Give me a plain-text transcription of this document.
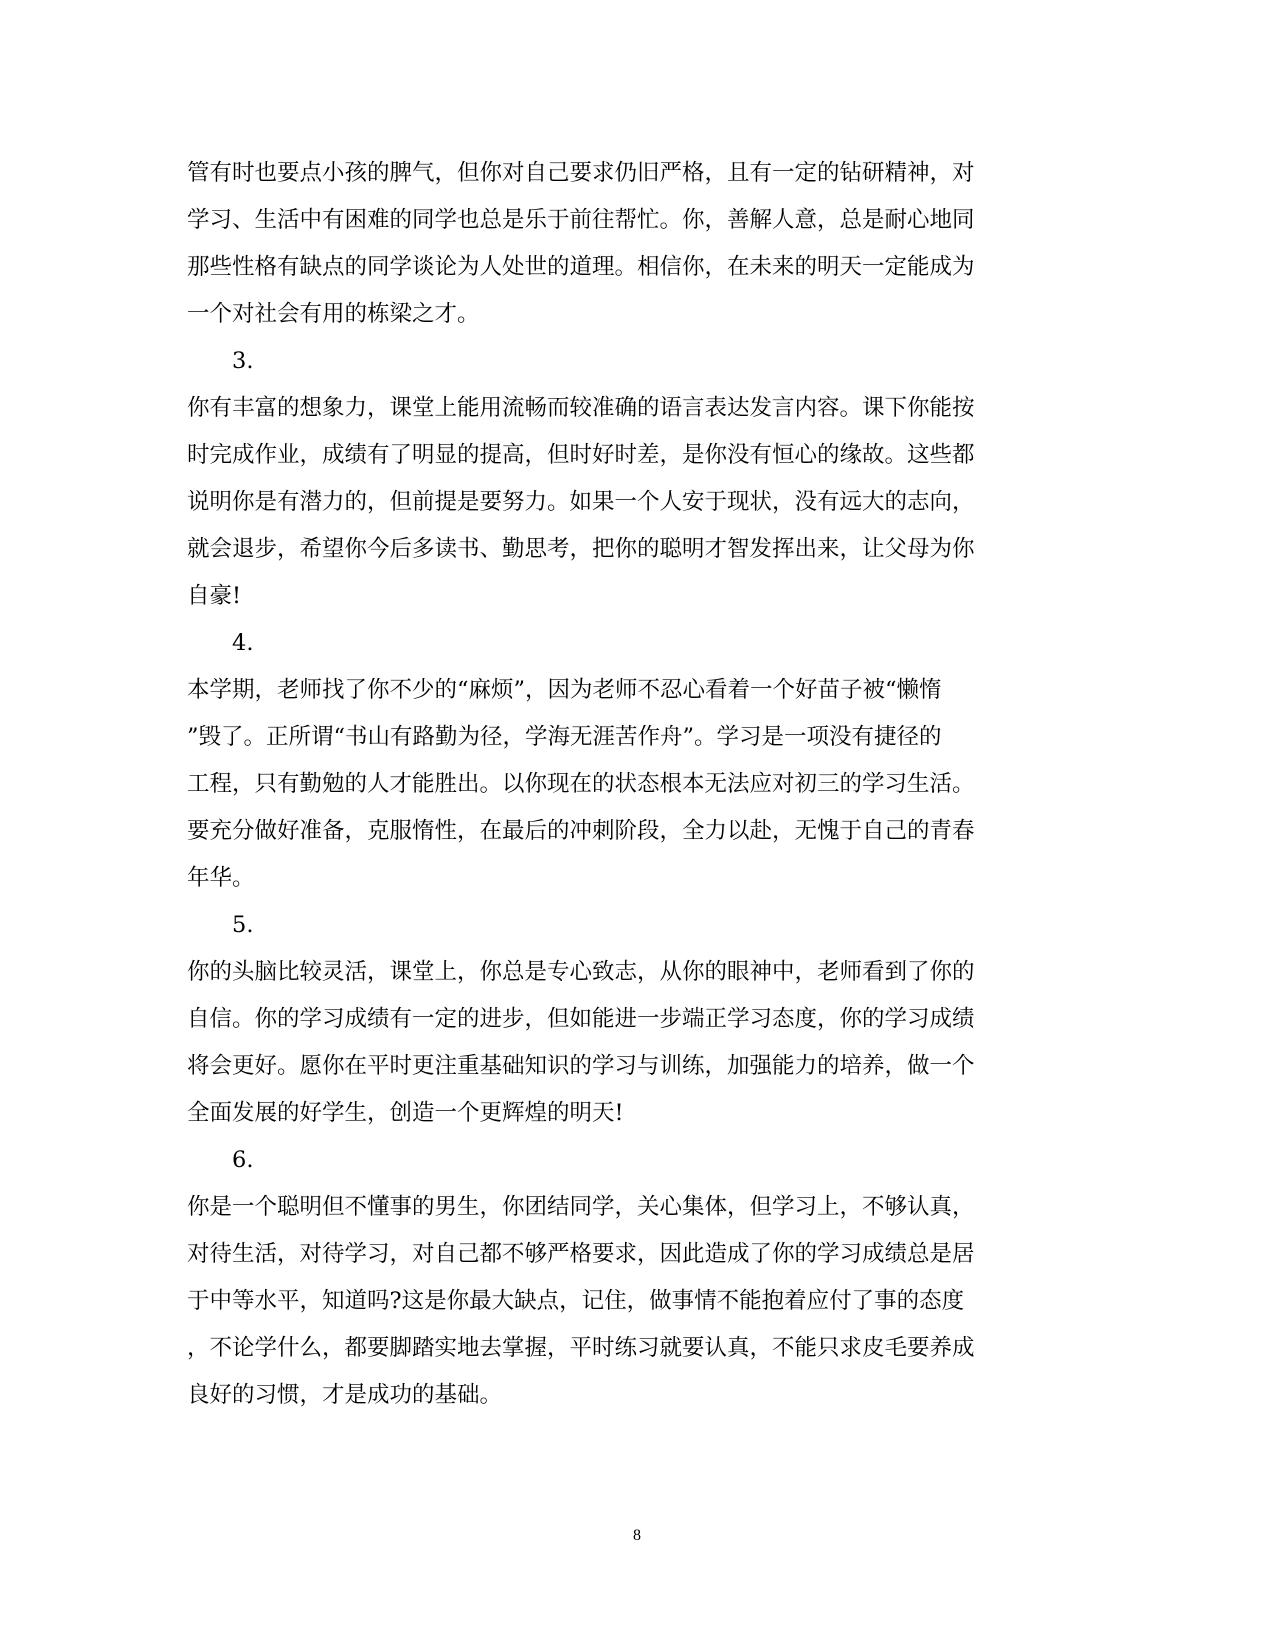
管有时也要点小孩的脾气，但你对自己要求仍旧严格，且有一定的钻研精神，对
学习、生活中有困难的同学也总是乐于前往帮忙。你，善解人意，总是耐心地同
那些性格有缺点的同学谈论为人处世的道理。相信你，在未来的明天一定能成为
一个对社会有用的栋梁之才。
3.
你有丰富的想象力，课堂上能用流畅而较准确的语言表达发言内容。课下你能按
时完成作业，成绩有了明显的提高，但时好时差，是你没有恒心的缘故。这些都
说明你是有潜力的，但前提是要努力。如果一个人安于现状，没有远大的志向，
就会退步，希望你今后多读书、勤思考，把你的聪明才智发挥出来，让父母为你
自豪!
4.
本学期，老师找了你不少的“麻烦”，因为老师不忍心看着一个好苗子被“懒惰
”毁了。正所谓“书山有路勤为径，学海无涯苦作舟”。学习是一项没有捷径的
工程，只有勤勉的人才能胜出。以你现在的状态根本无法应对初三的学习生活。
要充分做好准备，克服惰性，在最后的冲刺阶段，全力以赴，无愧于自己的青春
年华。
5.
你的头脑比较灵活，课堂上，你总是专心致志，从你的眼神中，老师看到了你的
自信。你的学习成绩有一定的进步，但如能进一步端正学习态度，你的学习成绩
将会更好。愿你在平时更注重基础知识的学习与训练，加强能力的培养，做一个
全面发展的好学生，创造一个更辉煌的明天!
6.
你是一个聪明但不懂事的男生，你团结同学，关心集体，但学习上，不够认真，
对待生活，对待学习，对自己都不够严格要求，因此造成了你的学习成绩总是居
于中等水平，知道吗?这是你最大缺点，记住，做事情不能抱着应付了事的态度
，不论学什么，都要脚踏实地去掌握，平时练习就要认真，不能只求皮毛要养成
良好的习惯，才是成功的基础。
8
